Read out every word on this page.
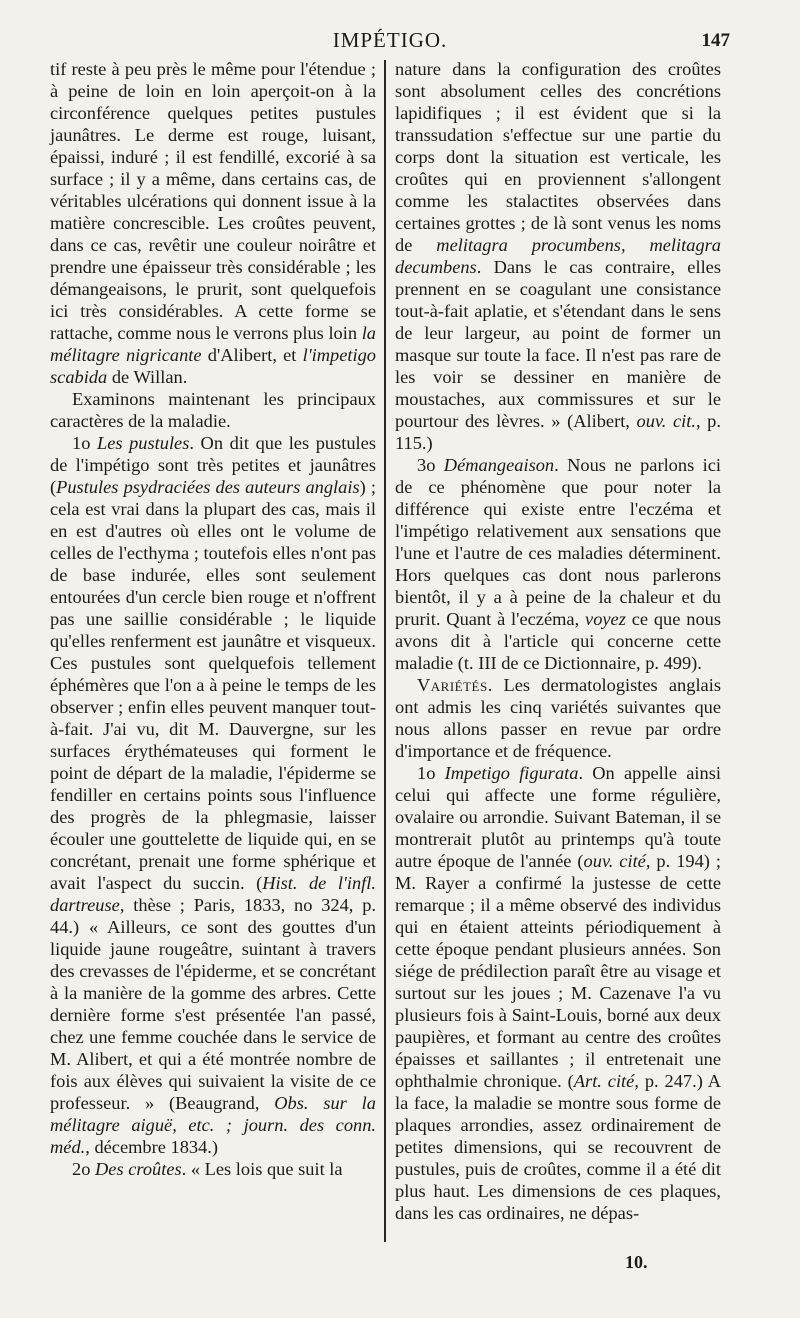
IMPÉTIGO.	147

tif reste à peu près le même pour l'étendue ; à peine de loin en loin aperçoit-on à la circonférence quelques petites pustules jaunâtres. Le derme est rouge, luisant, épaissi, induré ; il est fendillé, excorié à sa surface ; il y a même, dans certains cas, de véritables ulcérations qui donnent issue à la matière concrescible. Les croûtes peuvent, dans ce cas, revêtir une couleur noirâtre et prendre une épaisseur très considérable ; les démangeaisons, le prurit, sont quelquefois ici très considérables. A cette forme se rattache, comme nous le verrons plus loin la mélitagre nigricante d'Alibert, et l'impetigo scabida de Willan.

Examinons maintenant les principaux caractères de la maladie.

1o Les pustules. On dit que les pustules de l'impétigo sont très petites et jaunâtres (Pustules psydraciées des auteurs anglais) ; cela est vrai dans la plupart des cas, mais il en est d'autres où elles ont le volume de celles de l'ecthyma ; toutefois elles n'ont pas de base indurée, elles sont seulement entourées d'un cercle bien rouge et n'offrent pas une saillie considérable ; le liquide qu'elles renferment est jaunâtre et visqueux. Ces pustules sont quelquefois tellement éphémères que l'on a à peine le temps de les observer ; enfin elles peuvent manquer tout-à-fait. J'ai vu, dit M. Dauvergne, sur les surfaces érythémateuses qui forment le point de départ de la maladie, l'épiderme se fendiller en certains points sous l'influence des progrès de la phlegmasie, laisser écouler une gouttelette de liquide qui, en se concrétant, prenait une forme sphérique et avait l'aspect du succin. (Hist. de l'infl. dartreuse, thèse ; Paris, 1833, no 324, p. 44.) « Ailleurs, ce sont des gouttes d'un liquide jaune rougeâtre, suintant à travers des crevasses de l'épiderme, et se concrétant à la manière de la gomme des arbres. Cette dernière forme s'est présentée l'an passé, chez une femme couchée dans le service de M. Alibert, et qui a été montrée nombre de fois aux élèves qui suivaient la visite de ce professeur. » (Beaugrand, Obs. sur la mélitagre aiguë, etc. ; journ. des conn. méd., décembre 1834.)

2o Des croûtes. « Les lois que suit la

nature dans la configuration des croûtes sont absolument celles des concrétions lapidifiques ; il est évident que si la transsudation s'effectue sur une partie du corps dont la situation est verticale, les croûtes qui en proviennent s'allongent comme les stalactites observées dans certaines grottes ; de là sont venus les noms de melitagra procumbens, melitagra decumbens. Dans le cas contraire, elles prennent en se coagulant une consistance tout-à-fait aplatie, et s'étendant dans le sens de leur largeur, au point de former un masque sur toute la face. Il n'est pas rare de les voir se dessiner en manière de moustaches, aux commissures et sur le pourtour des lèvres. » (Alibert, ouv. cit., p. 115.)

3o Démangeaison. Nous ne parlons ici de ce phénomène que pour noter la différence qui existe entre l'eczéma et l'impétigo relativement aux sensations que l'une et l'autre de ces maladies déterminent. Hors quelques cas dont nous parlerons bientôt, il y a à peine de la chaleur et du prurit. Quant à l'eczéma, voyez ce que nous avons dit à l'article qui concerne cette maladie (t. III de ce Dictionnaire, p. 499).

Variétés. Les dermatologistes anglais ont admis les cinq variétés suivantes que nous allons passer en revue par ordre d'importance et de fréquence.

1o Impetigo figurata. On appelle ainsi celui qui affecte une forme régulière, ovalaire ou arrondie. Suivant Bateman, il se montrerait plutôt au printemps qu'à toute autre époque de l'année (ouv. cité, p. 194) ; M. Rayer a confirmé la justesse de cette remarque ; il a même observé des individus qui en étaient atteints périodiquement à cette époque pendant plusieurs années. Son siége de prédilection paraît être au visage et surtout sur les joues ; M. Cazenave l'a vu plusieurs fois à Saint-Louis, borné aux deux paupières, et formant au centre des croûtes épaisses et saillantes ; il entretenait une ophthalmie chronique. (Art. cité, p. 247.) A la face, la maladie se montre sous forme de plaques arrondies, assez ordinairement de petites dimensions, qui se recouvrent de pustules, puis de croûtes, comme il a été dit plus haut. Les dimensions de ces plaques, dans les cas ordinaires, ne dépas-

10.
